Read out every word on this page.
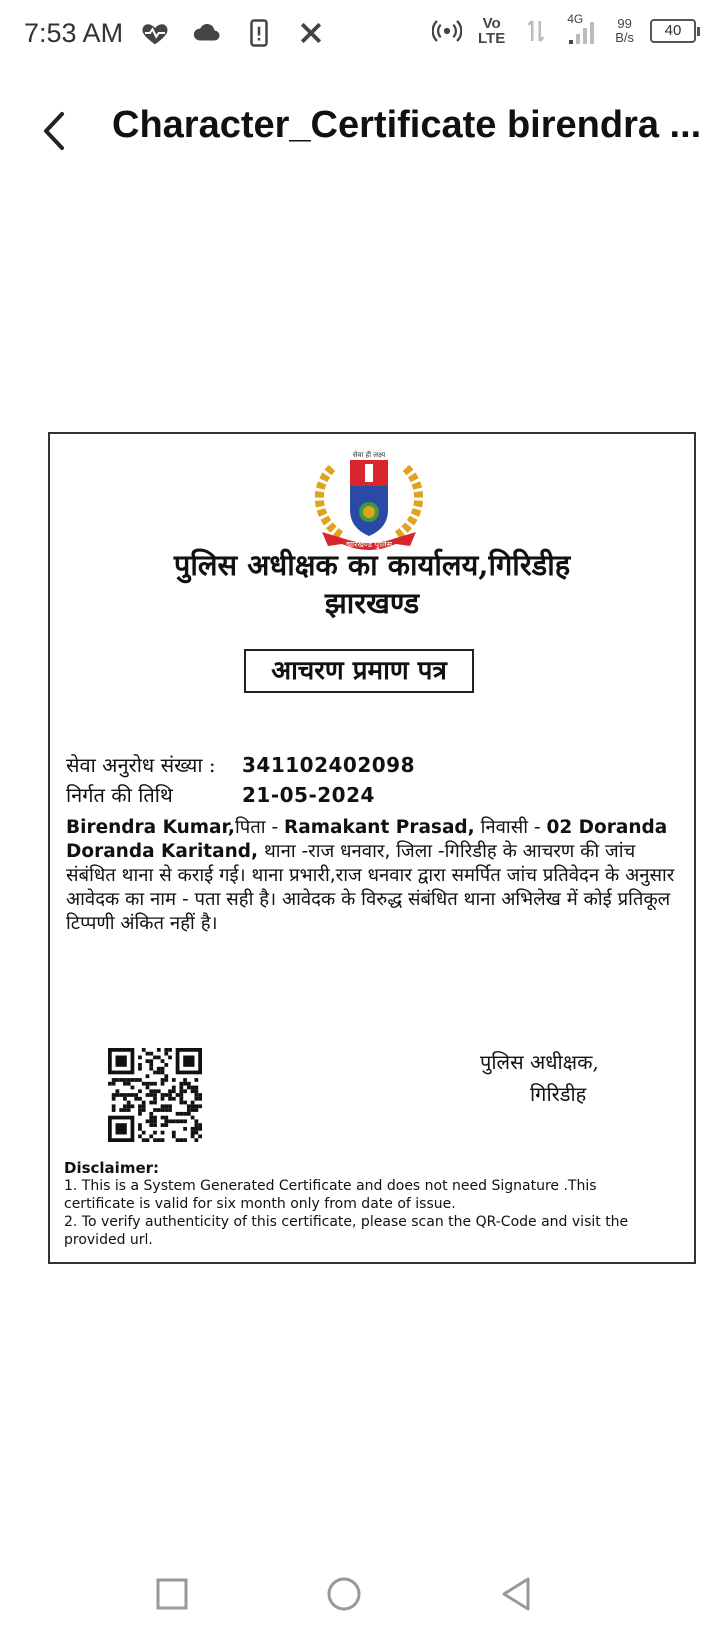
7:53 AM	Vo
LTE
4G	99
B/s	40
Character_Certificate birendra ...
सेवा ही लक्ष्य
झारखण्ड पुलिस
पुलिस अधीक्षक का कार्यालय,गिरिडीह
झारखण्ड
आचरण प्रमाण पत्र
सेवा अनुरोध संख्या :	341102402098
निर्गत की तिथि	21-05-2024
Birendra Kumar,पिता - Ramakant Prasad, निवासी - 02 Doranda Doranda Karitand, थाना -राज धनवार, जिला -गिरिडीह के आचरण की जांच संबंधित थाना से कराई गई। थाना प्रभारी,राज धनवार द्वारा समर्पित जांच प्रतिवेदन के अनुसार आवेदक का नाम - पता सही है। आवेदक के विरुद्ध संबंधित थाना अभिलेख में कोई प्रतिकूल टिप्पणी अंकित नहीं है।
पुलिस अधीक्षक,
गिरिडीह
Disclaimer:
1. This is a System Generated Certificate and does not need Signature .This certificate is valid for six month only from date of issue.
2. To verify authenticity of this certificate, please scan the QR-Code and visit the provided url.
